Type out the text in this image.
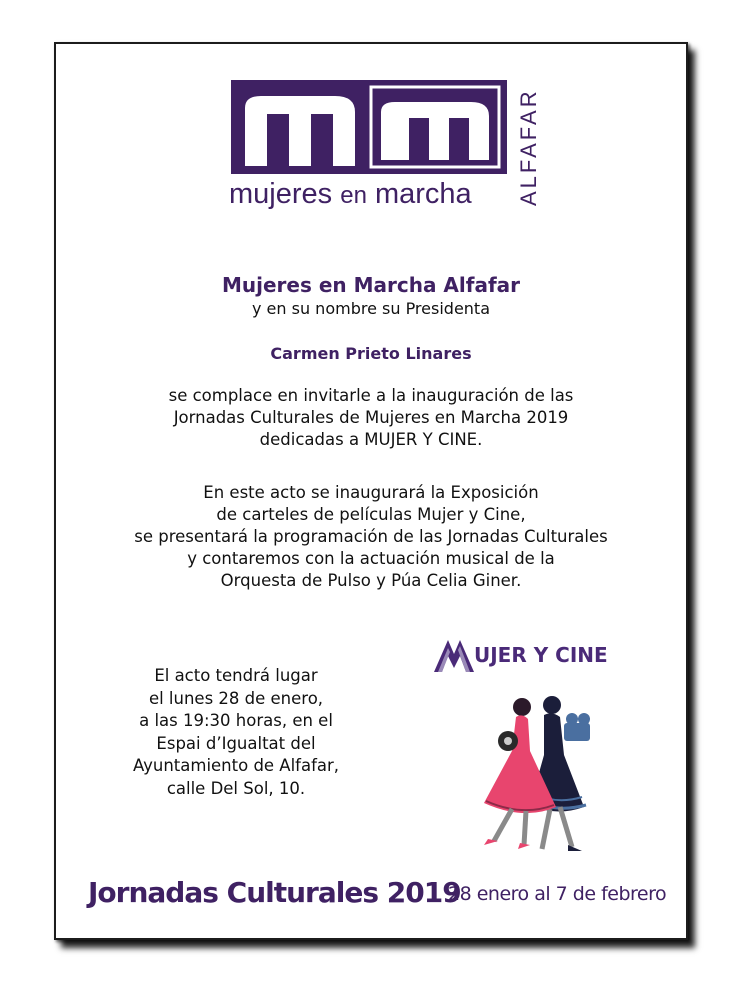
mujeres en marcha ALFAFAR
Mujeres en Marcha Alfafar
y en su nombre su Presidenta
Carmen Prieto Linares
se complace en invitarle a la inauguración de las
Jornadas Culturales de Mujeres en Marcha 2019
dedicadas a MUJER Y CINE.
En este acto se inaugurará la Exposición
de carteles de películas Mujer y Cine,
se presentará la programación de las Jornadas Culturales
y contaremos con la actuación musical de la
Orquesta de Pulso y Púa Celia Giner.
El acto tendrá lugar
el lunes 28 de enero,
a las 19:30 horas, en el
Espai d’Igualtat del
Ayuntamiento de Alfafar,
calle Del Sol, 10.
UJER Y CINE
Jornadas Culturales 2019
28 enero al 7 de febrero
